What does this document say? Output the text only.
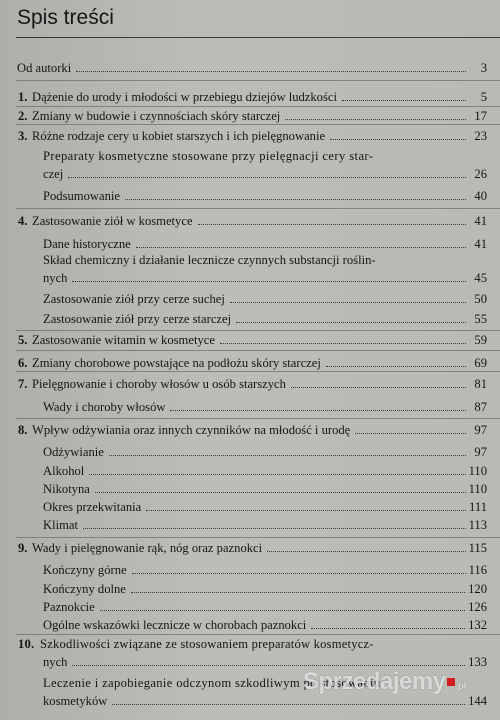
Spis treści
Od autorki	3
1. Dążenie do urody i młodości w przebiegu dziejów ludzkości	5
2. Zmiany w budowie i czynnościach skóry starczej	17
3. Różne rodzaje cery u kobiet starszych i ich pielęgnowanie	23
Preparaty kosmetyczne stosowane przy pielęgnacji cery star-
czej	26
Podsumowanie	40
4. Zastosowanie ziół w kosmetyce	41
Dane historyczne	41
Skład chemiczny i działanie lecznicze czynnych substancji roślin-
nych	45
Zastosowanie ziół przy cerze suchej	50
Zastosowanie ziół przy cerze starczej	55
5. Zastosowanie witamin w kosmetyce	59
6. Zmiany chorobowe powstające na podłożu skóry starczej	69
7. Pielęgnowanie i choroby włosów u osób starszych	81
Wady i choroby włosów	87
8. Wpływ odżywiania oraz innych czynników na młodość i urodę	97
Odżywianie	97
Alkohol	110
Nikotyna	110
Okres przekwitania	111
Klimat	113
9. Wady i pielęgnowanie rąk, nóg oraz paznokci	115
Kończyny górne	116
Kończyny dolne	120
Paznokcie	126
Ogólne wskazówki lecznicze w chorobach paznokci	132
10. Szkodliwości związane ze stosowaniem preparatów kosmetycz-
nych	133
Leczenie i zapobieganie odczynom szkodliwym po stosowaniu
kosmetyków	144
Sprzedajemy .pl
